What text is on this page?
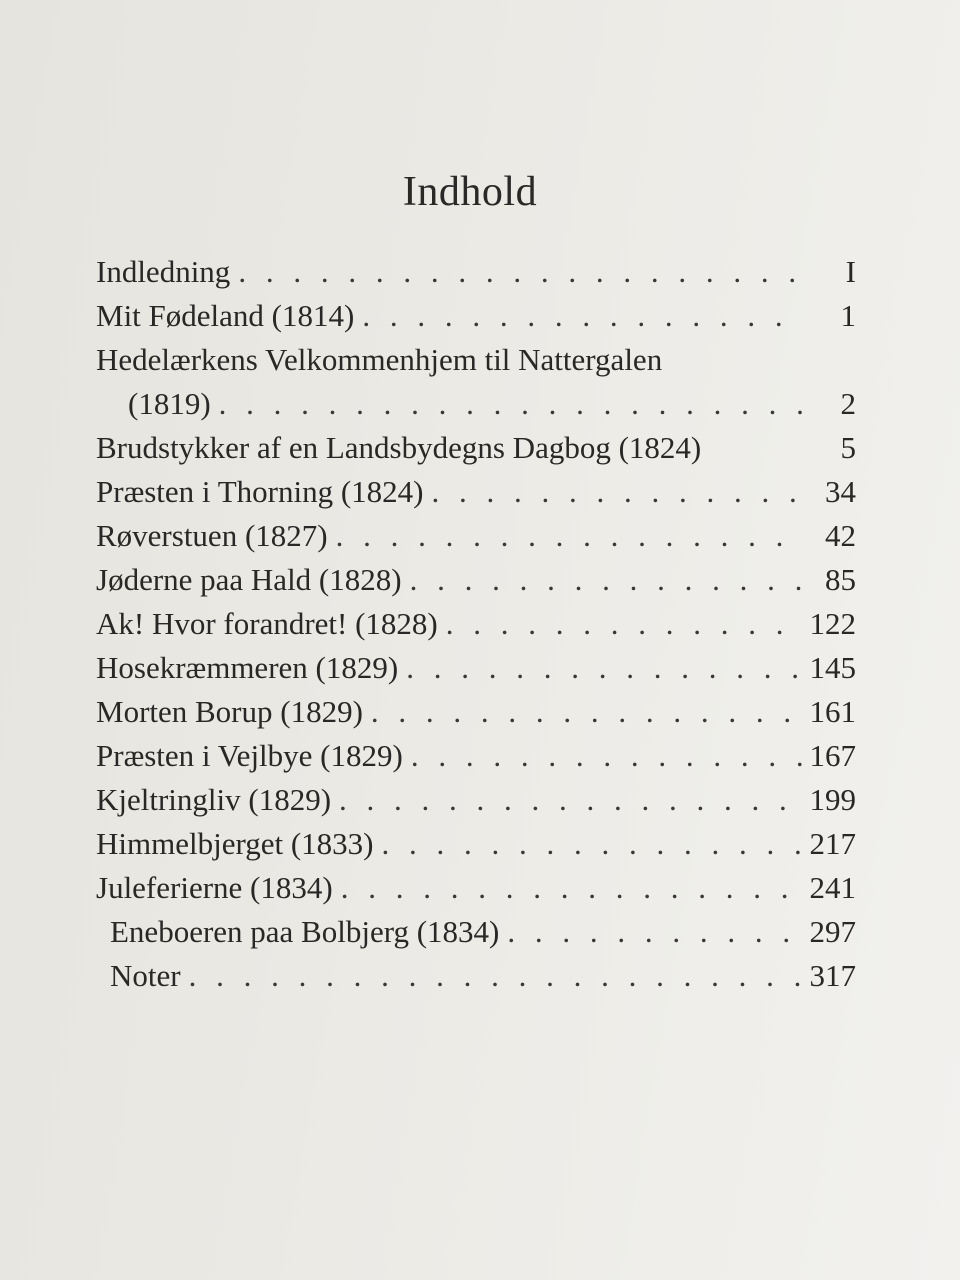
Indhold
Indledning . . .	I
Mit Fødeland (1814) . . .	1
Hedelærkens Velkommenhjem til Nattergalen
(1819) . . .	2
Brudstykker af en Landsbydegns Dagbog (1824)	5
Præsten i Thorning (1824) . . .	34
Røverstuen (1827) . . .	42
Jøderne paa Hald (1828) . . .	85
Ak! Hvor forandret! (1828) . . .	122
Hosekræmmeren (1829) . . .	145
Morten Borup (1829) . . .	161
Præsten i Vejlbye (1829) . . .	167
Kjeltringliv (1829) . . .	199
Himmelbjerget (1833) . . .	217
Juleferierne (1834) . . .	241
Eneboeren paa Bolbjerg (1834) . . .	297
Noter . . .	317
